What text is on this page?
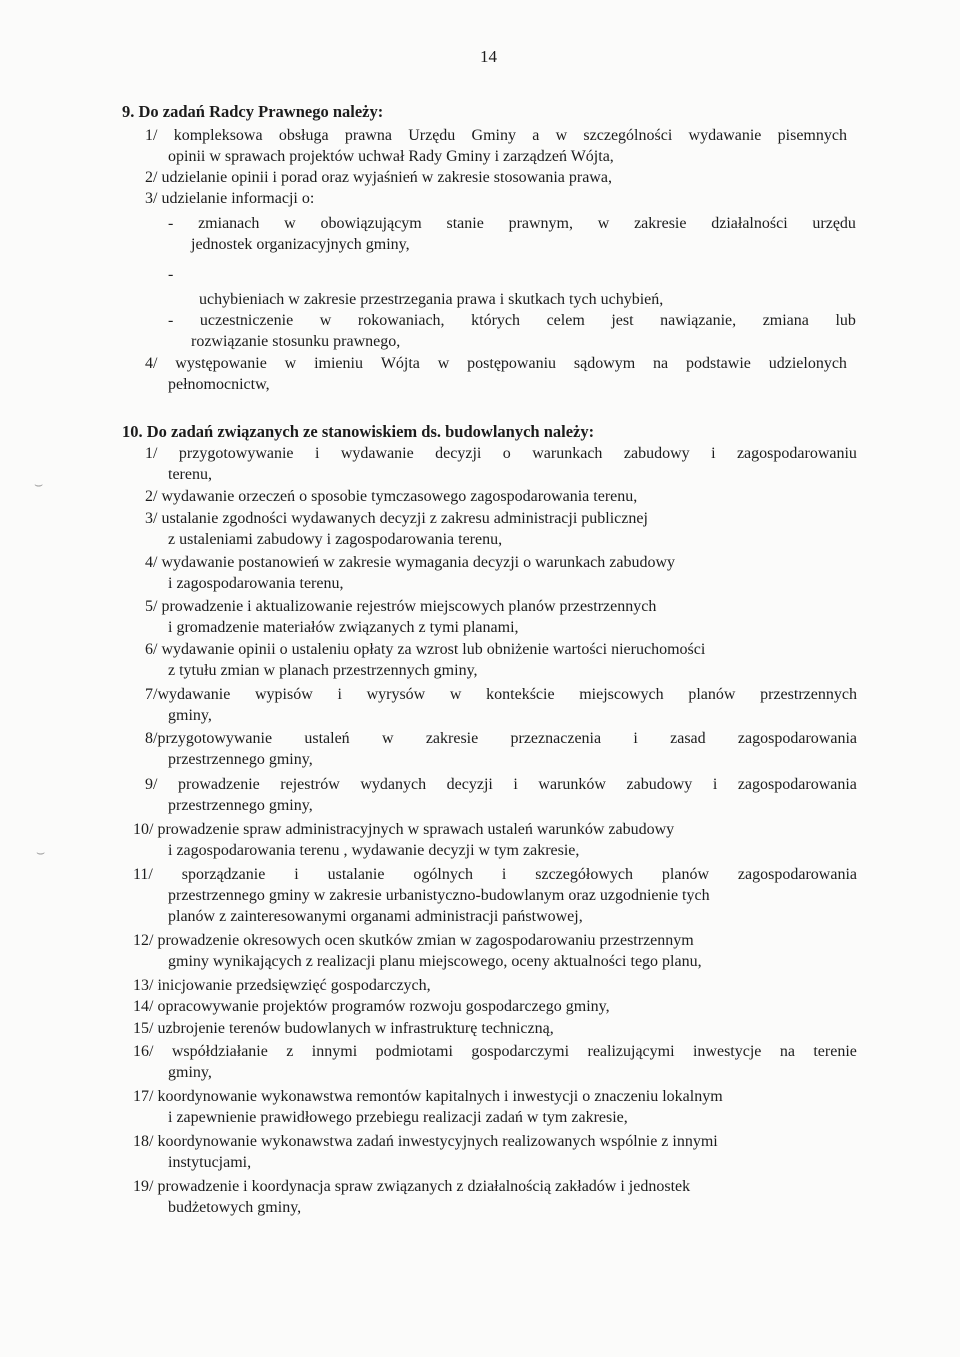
14
9. Do zadań Radcy Prawnego należy:
1/ kompleksowa obsługa prawna Urzędu Gminy a w szczególności wydawanie pisemnych
opinii w sprawach projektów uchwał Rady Gminy i zarządzeń Wójta,
2/ udzielanie opinii i porad oraz wyjaśnień w zakresie stosowania prawa,
3/ udzielanie informacji o:
- zmianach w obowiązującym stanie prawnym, w zakresie działalności urzędu
jednostek organizacyjnych gminy,
-
uchybieniach w zakresie przestrzegania prawa i skutkach tych uchybień,
- uczestniczenie w rokowaniach, których celem jest nawiązanie, zmiana lub
rozwiązanie stosunku prawnego,
4/ występowanie w imieniu Wójta w postępowaniu sądowym na podstawie udzielonych
pełnomocnictw,
10. Do zadań związanych ze stanowiskiem ds. budowlanych należy:
1/ przygotowywanie i wydawanie decyzji o warunkach zabudowy i zagospodarowaniu
terenu,
2/ wydawanie orzeczeń o sposobie tymczasowego zagospodarowania terenu,
3/ ustalanie zgodności wydawanych decyzji z zakresu administracji publicznej
z ustaleniami zabudowy i zagospodarowania terenu,
4/ wydawanie postanowień w zakresie wymagania decyzji o warunkach zabudowy
i zagospodarowania terenu,
5/ prowadzenie i aktualizowanie rejestrów miejscowych planów przestrzennych
i gromadzenie materiałów związanych z tymi planami,
6/ wydawanie opinii o ustaleniu opłaty za wzrost lub obniżenie wartości nieruchomości
z tytułu zmian w planach przestrzennych gminy,
7/wydawanie wypisów i wyrysów w kontekście miejscowych planów przestrzennych
gminy,
8/przygotowywanie ustaleń w zakresie przeznaczenia i zasad zagospodarowania
przestrzennego gminy,
9/ prowadzenie rejestrów wydanych decyzji i warunków zabudowy i zagospodarowania
przestrzennego gminy,
10/ prowadzenie spraw administracyjnych w sprawach ustaleń warunków zabudowy
i zagospodarowania terenu , wydawanie decyzji w tym zakresie,
11/ sporządzanie i ustalanie ogólnych i szczegółowych planów zagospodarowania
przestrzennego gminy w zakresie urbanistyczno-budowlanym oraz uzgodnienie tych
planów z zainteresowanymi organami administracji państwowej,
12/ prowadzenie okresowych ocen skutków zmian w zagospodarowaniu przestrzennym
gminy wynikających z realizacji planu miejscowego, oceny aktualności tego planu,
13/ inicjowanie przedsięwzięć gospodarczych,
14/ opracowywanie projektów programów rozwoju gospodarczego gminy,
15/ uzbrojenie terenów budowlanych w infrastrukturę techniczną,
16/ współdziałanie z innymi podmiotami gospodarczymi realizującymi inwestycje na terenie
gminy,
17/ koordynowanie wykonawstwa remontów kapitalnych i inwestycji o znaczeniu lokalnym
i zapewnienie prawidłowego przebiegu realizacji zadań w tym zakresie,
18/ koordynowanie wykonawstwa zadań inwestycyjnych realizowanych wspólnie z innymi
instytucjami,
19/ prowadzenie i koordynacja spraw związanych z działalnością zakładów i jednostek
budżetowych gminy,
⌣
⌣
